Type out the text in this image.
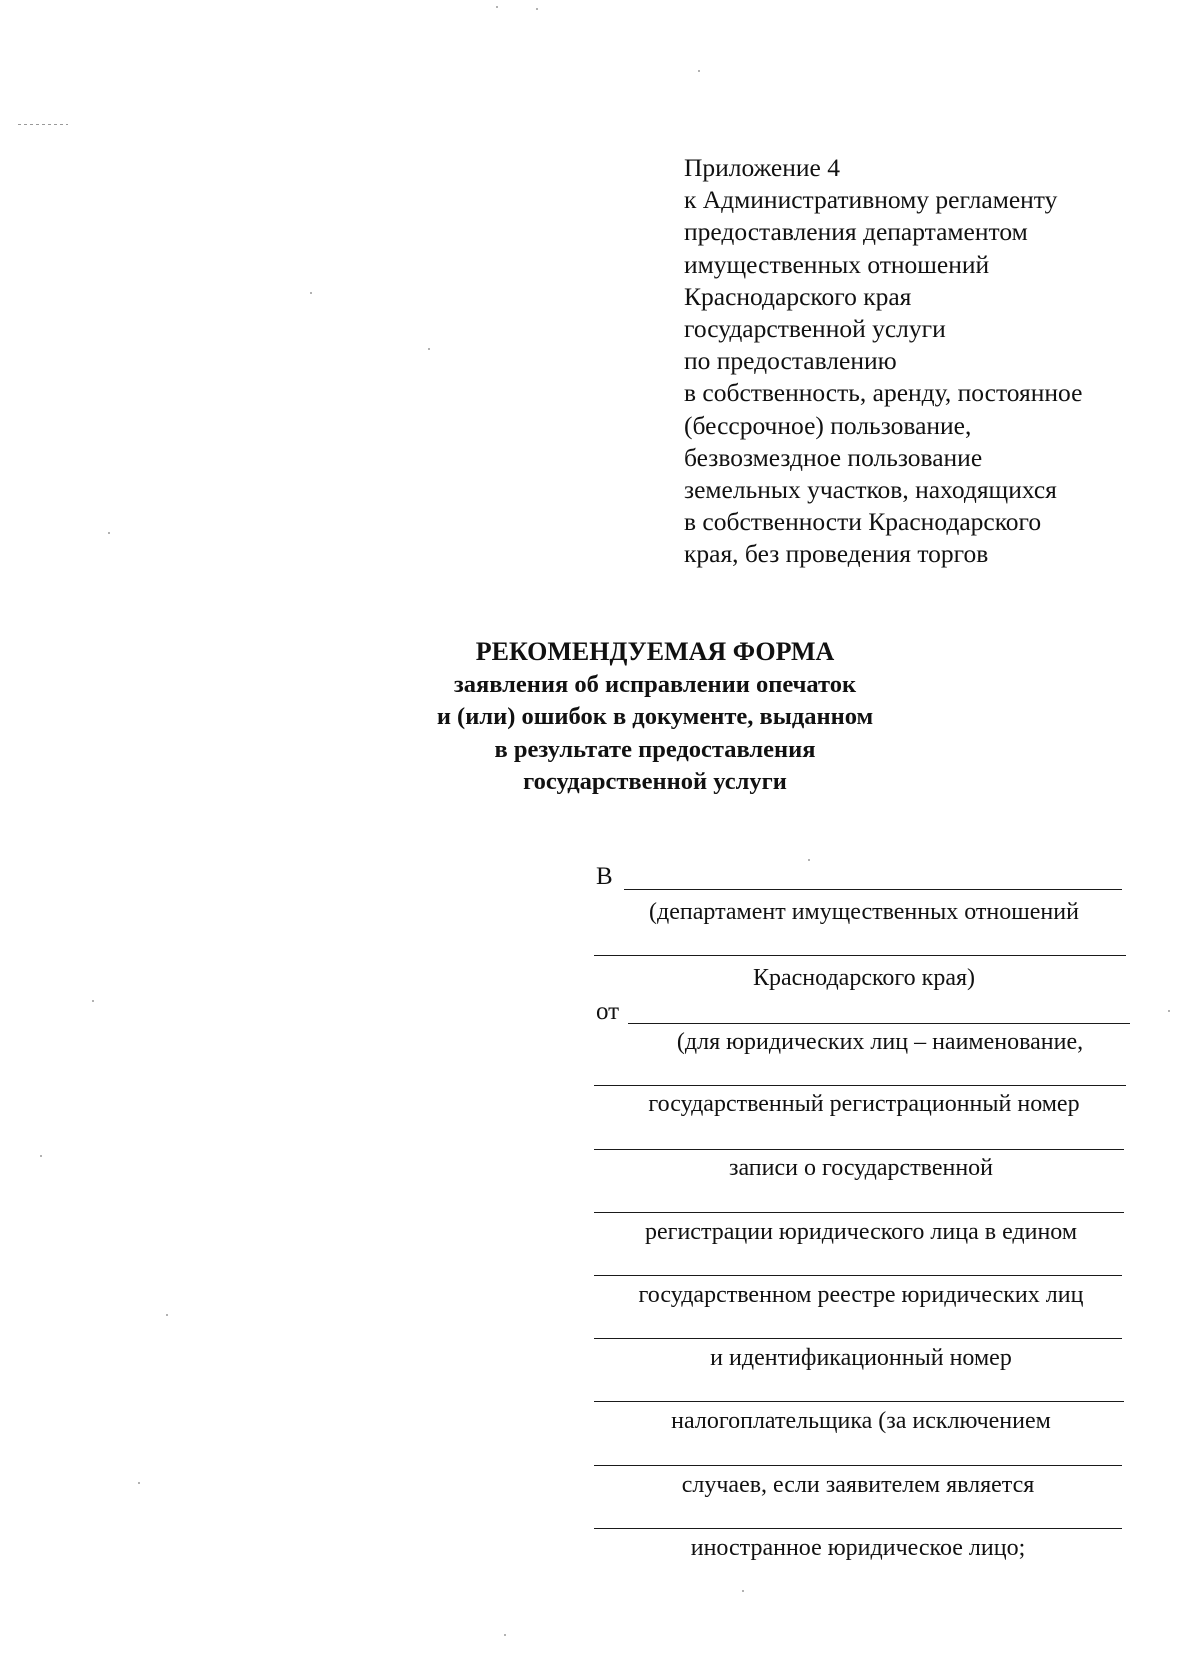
Приложение 4
к Административному регламенту
предоставления департаментом
имущественных отношений
Краснодарского края
государственной услуги
по предоставлению
в собственность, аренду, постоянное
(бессрочное) пользование,
безвозмездное пользование
земельных участков, находящихся
в собственности Краснодарского
края, без проведения торгов
РЕКОМЕНДУЕМАЯ ФОРМА
заявления об исправлении опечаток
и (или) ошибок в документе, выданном
в результате предоставления
государственной услуги
В
(департамент имущественных отношений
Краснодарского края)
от
(для юридических лиц – наименование,
государственный регистрационный номер
записи о государственной
регистрации юридического лица в едином
государственном реестре юридических лиц
и идентификационный номер
налогоплательщика (за исключением
случаев, если заявителем является
иностранное юридическое лицо;
